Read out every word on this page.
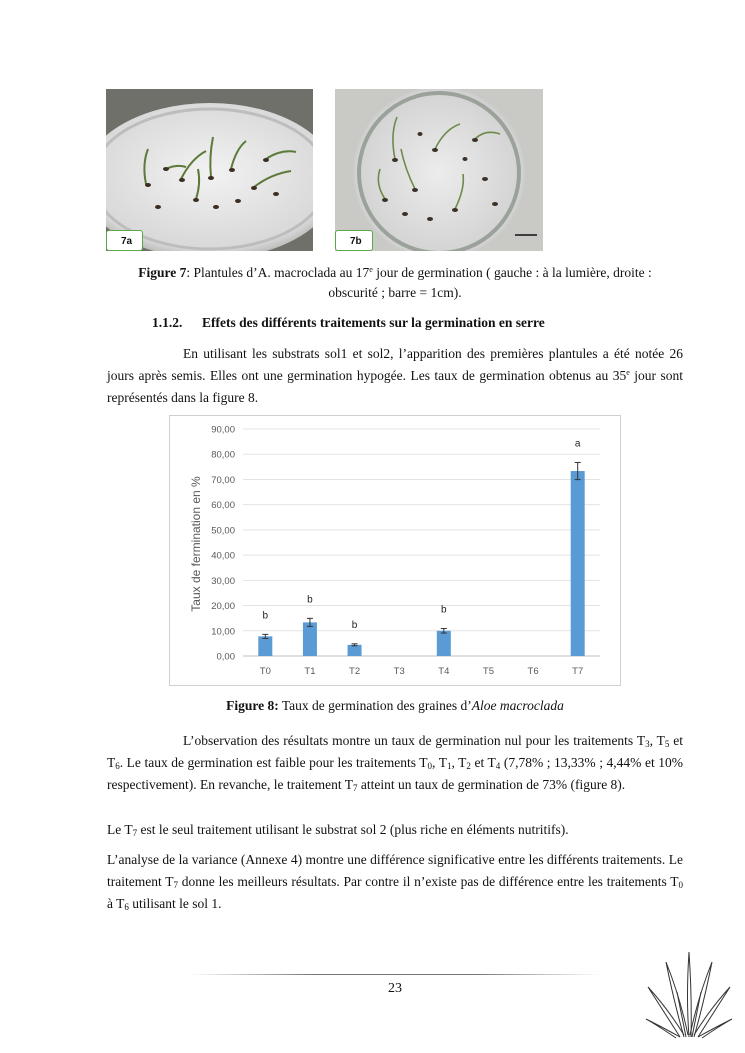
7a	7b
Figure 7: Plantules d’A. macroclada au 17e jour de germination ( gauche : à la lumière, droite :
obscurité ; barre = 1cm).
1.1.2. Effets des différents traitements sur la germination en serre
En utilisant les substrats sol1 et sol2, l’apparition des premières plantules a été notée 26 jours après semis. Elles ont une germination hypogée. Les taux de germination obtenus au 35e jour sont représentés dans la figure 8.
Taux de fermination en %
0,00
10,00
20,00
30,00
40,00
50,00
60,00
70,00
80,00
90,00
b
T0
b
T1
b
T2	T3
b
T4	T5	T6
a
T7
Figure 8: Taux de germination des graines d’Aloe macroclada
L’observation des résultats montre un taux de germination nul pour les traitements $T_3$, $T_5$ et $T_6$. Le taux de germination est faible pour les traitements $T_0$, $T_1$, $T_2$ et $T_4$ (7,78% ; 13,33% ; 4,44% et 10% respectivement). En revanche, le traitement $T_7$ atteint un taux de germination de 73% (figure 8).
Le $T_7$ est le seul traitement utilisant le substrat sol 2 (plus riche en éléments nutritifs).
L’analyse de la variance (Annexe 4) montre une différence significative entre les différents traitements. Le traitement $T_7$ donne les meilleurs résultats. Par contre il n’existe pas de différence entre les traitements $T_0$ à $T_6$ utilisant le sol 1.
23
